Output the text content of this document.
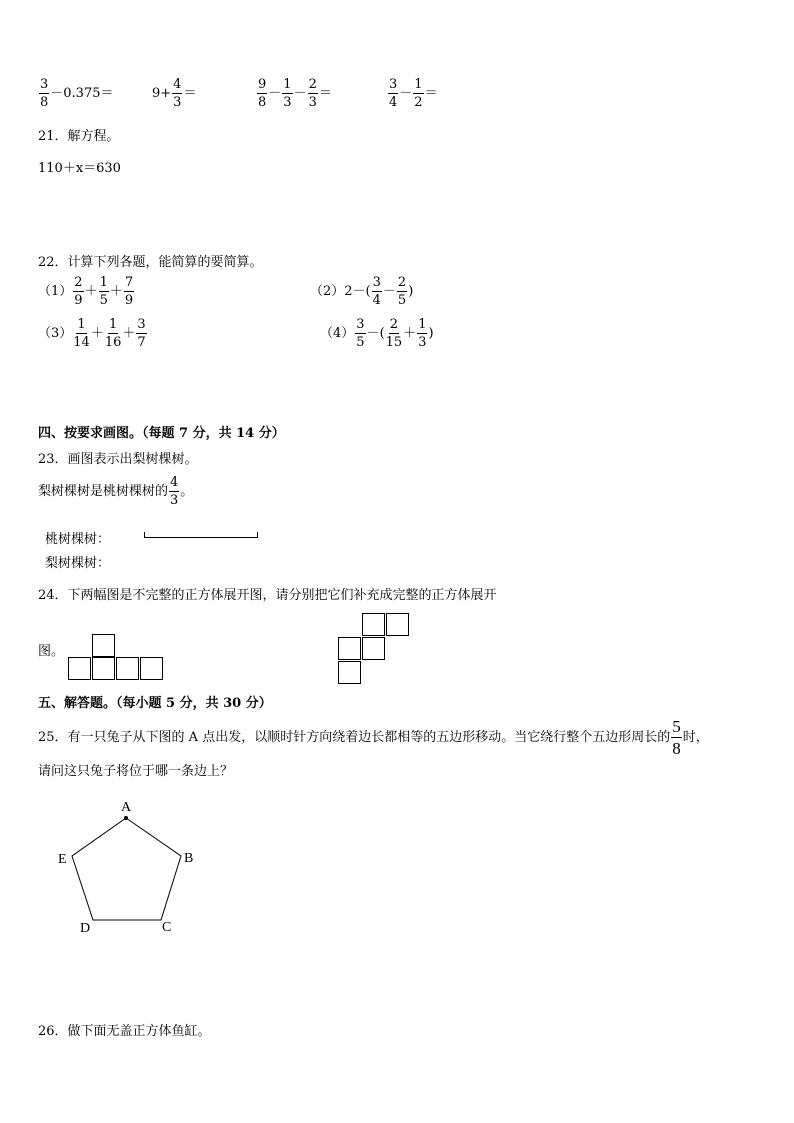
$\frac{3}{8} -0.375=$	$9+ \frac{4}{3}$ ＝	$\frac{9}{8} - \frac{1}{3} - \frac{2}{3}$ ＝	$\frac{3}{4} - \frac{1}{2}$ ＝
21．解方程。
110＋x＝630
22．计算下列各题，能简算的要简算。
$(1) \frac{2}{9} + \frac{1}{5} + \frac{7}{9}$	$(2)2-( \frac{3}{4} - \frac{2}{5}$ )
$(3) \frac{1}{14} + \frac{1}{16} + \frac{3}{7}$	$(4) \frac{3}{5}$ －( $\frac{2}{15} + \frac{1}{3}$ )
四、按要求画图。（每题 7 分，共 14 分）
23．画图表示出梨树棵树。
梨树棵树是桃树棵树的 $\frac{4}{3}$ 。
桃树棵树：
梨树棵树：
24．下两幅图是不完整的正方体展开图，请分别把它们补充成完整的正方体展开
图。
五、解答题。（每小题 5 分，共 30 分）
25．有一只兔子从下图的 A 点出发，以顺时针方向绕着边长都相等的五边形移动。当它绕行整个五边形周长的 $\frac{5}{8}$ 时，
请问这只兔子将位于哪一条边上？
A
B
C
D
E
26．做下面无盖正方体鱼缸。
